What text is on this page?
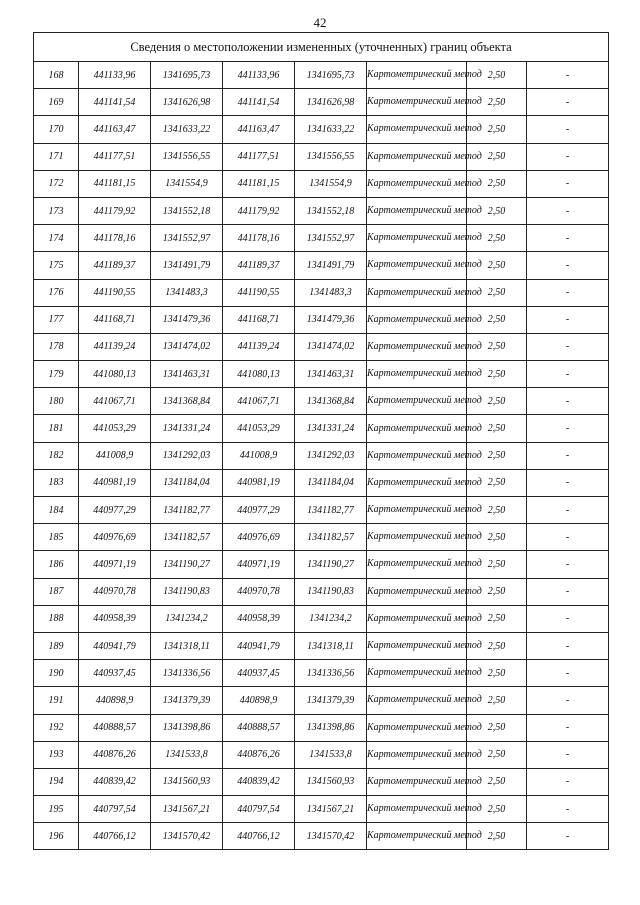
42
Сведения о местоположении измененных (уточненных) границ объекта							
168	441133,96	1341695,73	441133,96	1341695,73	Картометрический метод	2,50	-
169	441141,54	1341626,98	441141,54	1341626,98	Картометрический метод	2,50	-
170	441163,47	1341633,22	441163,47	1341633,22	Картометрический метод	2,50	-
171	441177,51	1341556,55	441177,51	1341556,55	Картометрический метод	2,50	-
172	441181,15	1341554,9	441181,15	1341554,9	Картометрический метод	2,50	-
173	441179,92	1341552,18	441179,92	1341552,18	Картометрический метод	2,50	-
174	441178,16	1341552,97	441178,16	1341552,97	Картометрический метод	2,50	-
175	441189,37	1341491,79	441189,37	1341491,79	Картометрический метод	2,50	-
176	441190,55	1341483,3	441190,55	1341483,3	Картометрический метод	2,50	-
177	441168,71	1341479,36	441168,71	1341479,36	Картометрический метод	2,50	-
178	441139,24	1341474,02	441139,24	1341474,02	Картометрический метод	2,50	-
179	441080,13	1341463,31	441080,13	1341463,31	Картометрический метод	2,50	-
180	441067,71	1341368,84	441067,71	1341368,84	Картометрический метод	2,50	-
181	441053,29	1341331,24	441053,29	1341331,24	Картометрический метод	2,50	-
182	441008,9	1341292,03	441008,9	1341292,03	Картометрический метод	2,50	-
183	440981,19	1341184,04	440981,19	1341184,04	Картометрический метод	2,50	-
184	440977,29	1341182,77	440977,29	1341182,77	Картометрический метод	2,50	-
185	440976,69	1341182,57	440976,69	1341182,57	Картометрический метод	2,50	-
186	440971,19	1341190,27	440971,19	1341190,27	Картометрический метод	2,50	-
187	440970,78	1341190,83	440970,78	1341190,83	Картометрический метод	2,50	-
188	440958,39	1341234,2	440958,39	1341234,2	Картометрический метод	2,50	-
189	440941,79	1341318,11	440941,79	1341318,11	Картометрический метод	2,50	-
190	440937,45	1341336,56	440937,45	1341336,56	Картометрический метод	2,50	-
191	440898,9	1341379,39	440898,9	1341379,39	Картометрический метод	2,50	-
192	440888,57	1341398,86	440888,57	1341398,86	Картометрический метод	2,50	-
193	440876,26	1341533,8	440876,26	1341533,8	Картометрический метод	2,50	-
194	440839,42	1341560,93	440839,42	1341560,93	Картометрический метод	2,50	-
195	440797,54	1341567,21	440797,54	1341567,21	Картометрический метод	2,50	-
196	440766,12	1341570,42	440766,12	1341570,42	Картометрический метод	2,50	-
